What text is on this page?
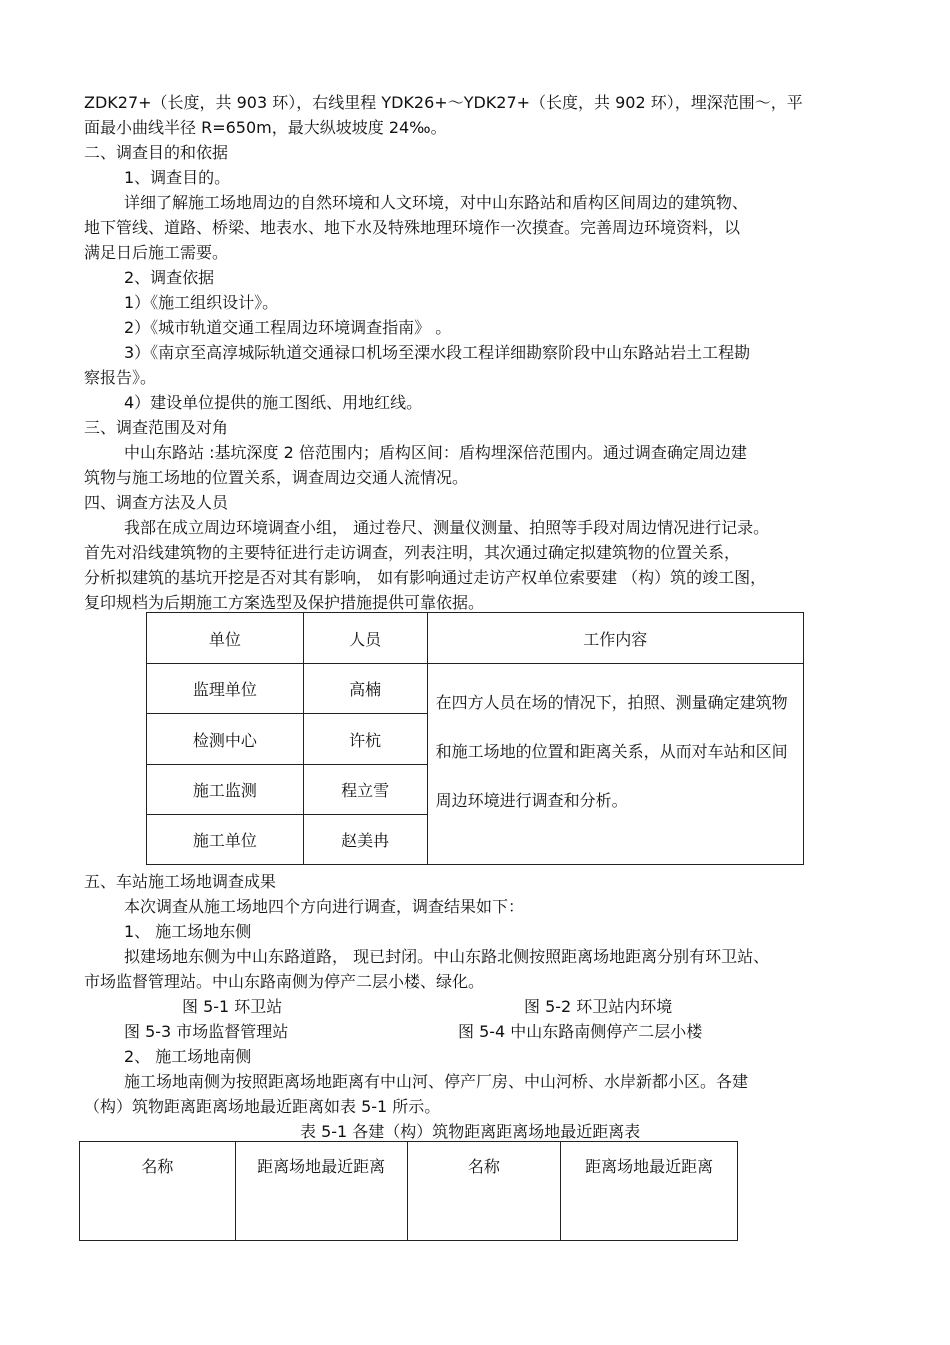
ZDK27+（长度，共 903 环），右线里程 YDK26+～YDK27+（长度，共 902 环），埋深范围～，平
面最小曲线半径 R=650m，最大纵坡坡度 24‰。
二、调查目的和依据
1、调查目的。
详细了解施工场地周边的自然环境和人文环境，对中山东路站和盾构区间周边的建筑物、
地下管线、道路、桥梁、地表水、地下水及特殊地理环境作一次摸查。完善周边环境资料，以
满足日后施工需要。
2、调查依据
1）《施工组织设计》。
2）《城市轨道交通工程周边环境调查指南》 。
3）《南京至高淳城际轨道交通禄口机场至溧水段工程详细勘察阶段中山东路站岩土工程勘
察报告》。
4）建设单位提供的施工图纸、用地红线。
三、调查范围及对角
中山东路站 :基坑深度 2 倍范围内；盾构区间：盾构埋深倍范围内。通过调查确定周边建
筑物与施工场地的位置关系，调查周边交通人流情况。
四、调查方法及人员
我部在成立周边环境调查小组， 通过卷尺、测量仪测量、拍照等手段对周边情况进行记录。
首先对沿线建筑物的主要特征进行走访调查，列表注明，其次通过确定拟建筑物的位置关系，
分析拟建筑的基坑开挖是否对其有影响， 如有影响通过走访产权单位索要建 （构）筑的竣工图，
复印规档为后期施工方案选型及保护措施提供可靠依据。
五、车站施工场地调查成果
本次调查从施工场地四个方向进行调查，调查结果如下：
1、 施工场地东侧
拟建场地东侧为中山东路道路， 现已封闭。中山东路北侧按照距离场地距离分别有环卫站、
市场监督管理站。中山东路南侧为停产二层小楼、绿化。
图 5-1 环卫站	图 5-2 环卫站内环境
图 5-3 市场监督管理站	图 5-4 中山东路南侧停产二层小楼
2、 施工场地南侧
施工场地南侧为按照距离场地距离有中山河、停产厂房、中山河桥、水岸新都小区。各建
（构）筑物距离距离场地最近距离如表 5-1 所示。
表 5-1 各建（构）筑物距离距离场地最近距离表
单位	人员	工作内容
监理单位	高楠	在四方人员在场的情况下，拍照、测量确定建筑物和施工场地的位置和距离关系，从而对车站和区间周边环境进行调查和分析。
检测中心	许杭	
施工监测	程立雪	
施工单位	赵美冉	
名称	距离场地最近距离	名称	距离场地最近距离
